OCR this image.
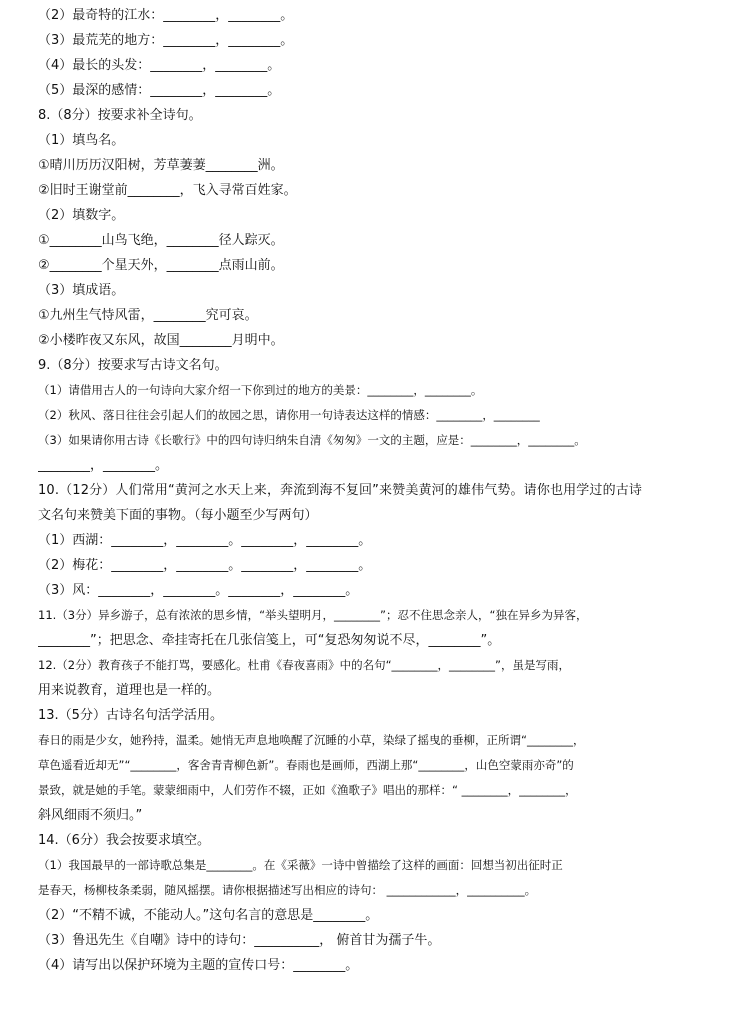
（2）最奇特的江水：________，________。
（3）最荒芜的地方：________，________。
（4）最长的头发：________，________。
（5）最深的感情：________，________。
8.（8分）按要求补全诗句。
（1）填鸟名。
①晴川历历汉阳树，芳草萋萋________洲。
②旧时王谢堂前________，飞入寻常百姓家。
（2）填数字。
①________山鸟飞绝，________径人踪灭。
②________个星天外，________点雨山前。
（3）填成语。
①九州生气恃风雷，________究可哀。
②小楼昨夜又东风，故国________月明中。
9.（8分）按要求写古诗文名句。
（1）请借用古人的一句诗向大家介绍一下你到过的地方的美景：________，________。
（2）秋风、落日往往会引起人们的故园之思，请你用一句诗表达这样的情感：________，________
（3）如果请你用古诗《长歌行》中的四句诗归纳朱自清《匆匆》一文的主题，应是：________，________。
________，________。
10.（12分）人们常用“黄河之水天上来，奔流到海不复回”来赞美黄河的雄伟气势。请你也用学过的古诗
文名句来赞美下面的事物。（每小题至少写两句）
（1）西湖：________，________。________，________。
（2）梅花：________，________。________，________。
（3）风：________，________。________，________。
11.（3分）异乡游子，总有浓浓的思乡情，“举头望明月，________”；忍不住思念亲人，“独在异乡为异客，
________”；把思念、牵挂寄托在几张信笺上，可“复恐匆匆说不尽，________”。
12.（2分）教育孩子不能打骂，要感化。杜甫《春夜喜雨》中的名句“________，________”，虽是写雨，
用来说教育，道理也是一样的。
13.（5分）古诗名句活学活用。
春日的雨是少女，她矜持，温柔。她悄无声息地唤醒了沉睡的小草，染绿了摇曳的垂柳，正所谓“________，
草色遥看近却无”“________，客舍青青柳色新”。春雨也是画师，西湖上那“________，山色空蒙雨亦奇”的
景致，就是她的手笔。蒙蒙细雨中，人们劳作不辍，正如《渔歌子》唱出的那样：“ ________，________，
斜风细雨不须归。”
14.（6分）我会按要求填空。
（1）我国最早的一部诗歌总集是________。在《采薇》一诗中曾描绘了这样的画面：回想当初出征时正
是春天，杨柳枝条柔弱，随风摇摆。请你根据描述写出相应的诗句： ____________，__________。
（2）“不精不诚，不能动人。”这句名言的意思是________。
（3）鲁迅先生《自嘲》诗中的诗句：__________， 俯首甘为孺子牛。
（4）请写出以保护环境为主题的宣传口号：________。
